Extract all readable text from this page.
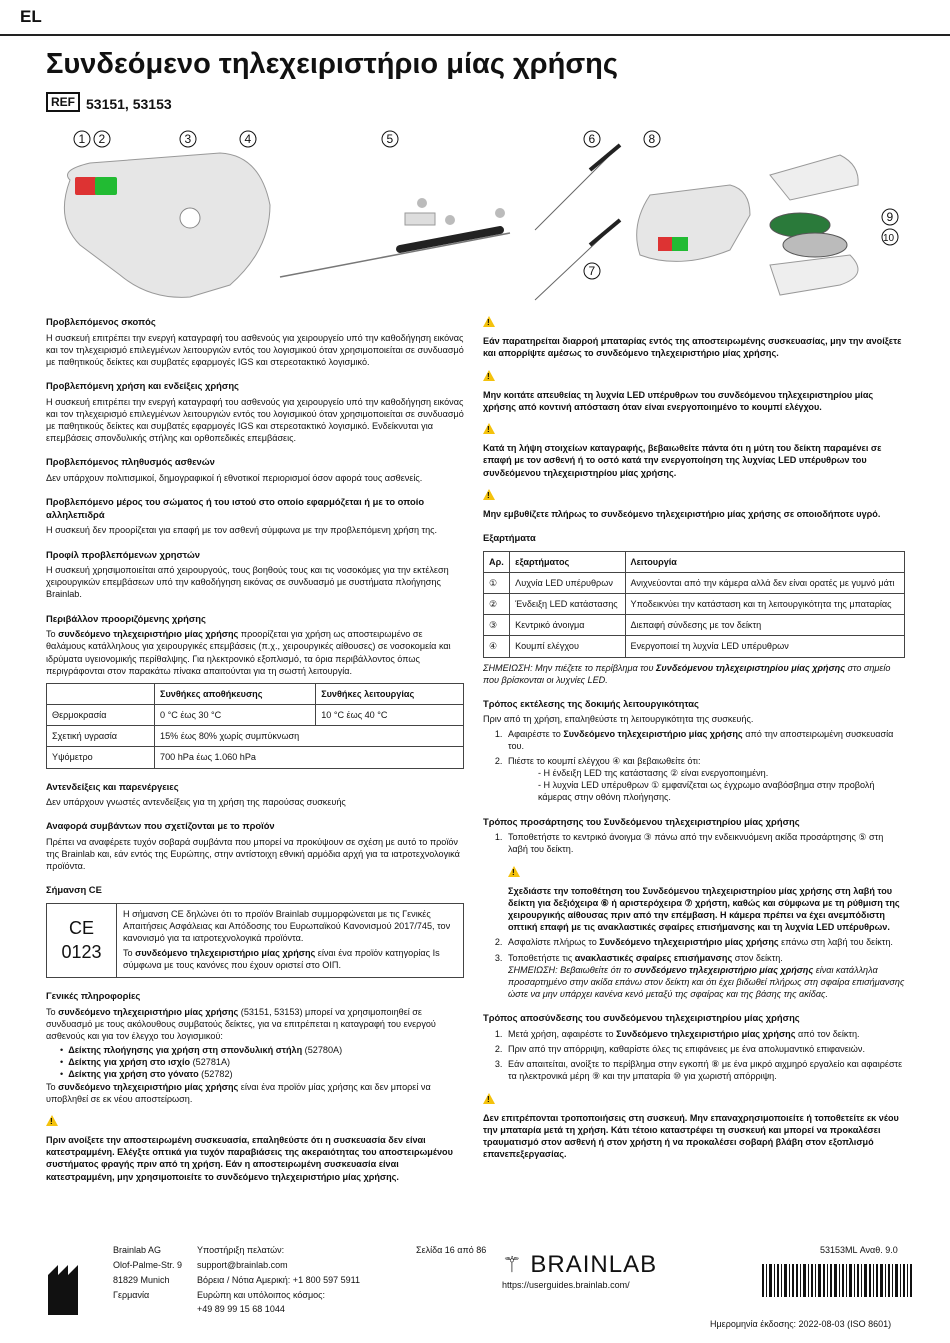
EL
Συνδεόμενο τηλεχειριστήριο μίας χρήσης
REF 53151, 53153
1 2	3	4	5	6
7
8
9
10
Προβλεπόμενος σκοπός

Η συσκευή επιτρέπει την ενεργή καταγραφή του ασθενούς για χειρουργείο υπό την καθοδήγηση εικόνας και τον τηλεχειρισμό επιλεγμένων λειτουργιών εντός του λογισμικού όταν χρησιμοποιείται σε συνδυασμό με παθητικούς δείκτες και συμβατές εφαρμογές IGS και στερεοτακτικό λογισμικό.

Προβλεπόμενη χρήση και ενδείξεις χρήσης

Η συσκευή επιτρέπει την ενεργή καταγραφή του ασθενούς για χειρουργείο υπό την καθοδήγηση εικόνας και τον τηλεχειρισμό επιλεγμένων λειτουργιών εντός του λογισμικού όταν χρησιμοποιείται σε συνδυασμό με παθητικούς δείκτες και συμβατές εφαρμογές IGS και στερεοτακτικό λογισμικό. Ενδείκνυται για επεμβάσεις σπονδυλικής στήλης και ορθοπεδικές επεμβάσεις.

Προβλεπόμενος πληθυσμός ασθενών

Δεν υπάρχουν πολιτισμικοί, δημογραφικοί ή εθνοτικοί περιορισμοί όσον αφορά τους ασθενείς.

Προβλεπόμενο μέρος του σώματος ή του ιστού στο οποίο εφαρμόζεται ή με το οποίο αλληλεπιδρά

Η συσκευή δεν προορίζεται για επαφή με τον ασθενή σύμφωνα με την προβλεπόμενη χρήση της.

Προφίλ προβλεπόμενων χρηστών

Η συσκευή χρησιμοποιείται από χειρουργούς, τους βοηθούς τους και τις νοσοκόμες για την εκτέλεση χειρουργικών επεμβάσεων υπό την καθοδήγηση εικόνας σε συνδυασμό με συστήματα πλοήγησης Brainlab.

Περιβάλλον προοριζόμενης χρήσης

Το συνδεόμενο τηλεχειριστήριο μίας χρήσης προορίζεται για χρήση ως αποστειρωμένο σε θαλάμους κατάλληλους για χειρουργικές επεμβάσεις (π.χ., χειρουργικές αίθουσες) σε νοσοκομεία και ιδρύματα υγειονομικής περίθαλψης. Για ηλεκτρονικό εξοπλισμό, τα όρια περιβάλλοντος όπως περιγράφονται στον παρακάτω πίνακα απαιτούνται για τη σωστή λειτουργία.

	Συνθήκες αποθήκευσης	Συνθήκες λειτουργίας
Θερμοκρασία	0 °C έως 30 °C	10 °C έως 40 °C
Σχετική υγρασία	15% έως 80% χωρίς συμπύκνωση	
Υψόμετρο	700 hPa έως 1.060 hPa	
Αντενδείξεις και παρενέργειες

Δεν υπάρχουν γνωστές αντενδείξεις για τη χρήση της παρούσας συσκευής

Αναφορά συμβάντων που σχετίζονται με το προϊόν

Πρέπει να αναφέρετε τυχόν σοβαρά συμβάντα που μπορεί να προκύψουν σε σχέση με αυτό το προϊόν της Brainlab και, εάν εντός της Ευρώπης, στην αντίστοιχη εθνική αρμόδια αρχή για τα ιατροτεχνολογικά προϊόντα.

Σήμανση CE
CE 0123	

Η σήμανση CE δηλώνει ότι το προϊόν Brainlab συμμορφώνεται με τις Γενικές Απαιτήσεις Ασφάλειας και Απόδοσης του Ευρωπαϊκού Κανονισμού 2017/745, τον κανονισμό για τα ιατροτεχνολογικά προϊόντα.

Το συνδεόμενο τηλεχειριστήριο μίας χρήσης είναι ένα προϊόν κατηγορίας Is σύμφωνα με τους κανόνες που έχουν οριστεί στο ΟΙΠ.

Γενικές πληροφορίες

Το συνδεόμενο τηλεχειριστήριο μίας χρήσης (53151, 53153) μπορεί να χρησιμοποιηθεί σε συνδυασμό με τους ακόλουθους συμβατούς δείκτες, για να επιτρέπεται η καταγραφή του ενεργού ασθενούς και για τον έλεγχο του λογισμικού:

• Δείκτης πλοήγησης για χρήση στη σπονδυλική στήλη (52780A)
• Δείκτης για χρήση στο ισχίο (52781A)
• Δείκτης για χρήση στο γόνατο (52782)

Το συνδεόμενο τηλεχειριστήριο μίας χρήσης είναι ένα προϊόν μίας χρήσης και δεν μπορεί να υποβληθεί σε εκ νέου αποστείρωση.

!
Πριν ανοίξετε την αποστειρωμένη συσκευασία, επαληθεύστε ότι η συσκευασία δεν είναι κατεστραμμένη. Ελέγξτε οπτικά για τυχόν παραβιάσεις της ακεραιότητας του αποστειρωμένου συστήματος φραγής πριν από τη χρήση. Εάν η αποστειρωμένη συσκευασία είναι κατεστραμμένη, μην χρησιμοποιείτε το συνδεόμενο τηλεχειριστήριο μίας χρήσης.
!
Εάν παρατηρείται διαρροή μπαταρίας εντός της αποστειρωμένης συσκευασίας, μην την ανοίξετε και απορρίψτε αμέσως το συνδεόμενο τηλεχειριστήριο μίας χρήσης.
!
Μην κοιτάτε απευθείας τη λυχνία LED υπέρυθρων του συνδεόμενου τηλεχειριστηρίου μίας χρήσης από κοντινή απόσταση όταν είναι ενεργοποιημένο το κουμπί ελέγχου.
!
Κατά τη λήψη στοιχείων καταγραφής, βεβαιωθείτε πάντα ότι η μύτη του δείκτη παραμένει σε επαφή με τον ασθενή ή το οστό κατά την ενεργοποίηση της λυχνίας LED υπέρυθρων του συνδεόμενου τηλεχειριστηρίου μίας χρήσης.
!
Μην εμβυθίζετε πλήρως το συνδεόμενο τηλεχειριστήριο μίας χρήσης σε οποιοδήποτε υγρό.
Εξαρτήματα
Αρ.	εξαρτήματος	Λειτουργία
①	Λυχνία LED υπέρυθρων	Ανιχνεύονται από την κάμερα αλλά δεν είναι ορατές με γυμνό μάτι
②	Ένδειξη LED κατάστασης	Υποδεικνύει την κατάσταση και τη λειτουργικότητα της μπαταρίας
③	Κεντρικό άνοιγμα	Διεπαφή σύνδεσης με τον δείκτη
④	Κουμπί ελέγχου	Ενεργοποιεί τη λυχνία LED υπέρυθρων

ΣΗΜΕΙΩΣΗ: Μην πιέζετε το περίβλημα του Συνδεόμενου τηλεχειριστηρίου μίας χρήσης στο σημείο που βρίσκονται οι λυχνίες LED.

Τρόπος εκτέλεσης της δοκιμής λειτουργικότητας

Πριν από τη χρήση, επαληθεύστε τη λειτουργικότητα της συσκευής.

1. Αφαιρέστε το Συνδεόμενο τηλεχειριστήριο μίας χρήσης από την αποστειρωμένη συσκευασία του.
2. Πιέστε το κουμπί ελέγχου ④ και βεβαιωθείτε ότι:
- Η ένδειξη LED της κατάστασης ② είναι ενεργοποιημένη.
- Η λυχνία LED υπέρυθρων ① εμφανίζεται ως έγχρωμο αναβόσβημα στην προβολή κάμερας στην οθόνη πλοήγησης.
Τρόπος προσάρτησης του Συνδεόμενου τηλεχειριστηρίου μίας χρήσης
1. Τοποθετήστε το κεντρικό άνοιγμα ③ πάνω από την ενδεικνυόμενη ακίδα προσάρτησης ⑤ στη λαβή του δείκτη.
!
Σχεδιάστε την τοποθέτηση του Συνδεόμενου τηλεχειριστηρίου μίας χρήσης στη λαβή του δείκτη για δεξιόχειρα ⑥ ή αριστερόχειρα ⑦ χρήστη, καθώς και σύμφωνα με τη ρύθμιση της χειρουργικής αίθουσας πριν από την επέμβαση. Η κάμερα πρέπει να έχει ανεμπόδιστη οπτική επαφή με τις ανακλαστικές σφαίρες επισήμανσης και τη λυχνία LED υπέρυθρων.
2. Ασφαλίστε πλήρως το Συνδεόμενο τηλεχειριστήριο μίας χρήσης επάνω στη λαβή του δείκτη.
3. Τοποθετήστε τις ανακλαστικές σφαίρες επισήμανσης στον δείκτη.
ΣΗΜΕΙΩΣΗ: Βεβαιωθείτε ότι το συνδεόμενο τηλεχειριστήριο μίας χρήσης είναι κατάλληλα προσαρτημένο στην ακίδα επάνω στον δείκτη και ότι έχει βιδωθεί πλήρως στη σφαίρα επισήμανσης ώστε να μην υπάρχει κανένα κενό μεταξύ της σφαίρας και της βάσης της ακίδας.
Τρόπος αποσύνδεσης του συνδεόμενου τηλεχειριστηρίου μίας χρήσης
1. Μετά χρήση, αφαιρέστε το Συνδεόμενο τηλεχειριστήριο μίας χρήσης από τον δείκτη.
2. Πριν από την απόρριψη, καθαρίστε όλες τις επιφάνειες με ένα απολυμαντικό επιφανειών.
3. Εάν απαιτείται, ανοίξτε το περίβλημα στην εγκοπή ⑧ με ένα μικρό αιχμηρό εργαλείο και αφαιρέστε τα ηλεκτρονικά μέρη ⑨ και την μπαταρία ⑩ για χωριστή απόρριψη.
!
Δεν επιτρέπονται τροποποιήσεις στη συσκευή. Μην επαναχρησιμοποιείτε ή τοποθετείτε εκ νέου την μπαταρία μετά τη χρήση. Κάτι τέτοιο καταστρέφει τη συσκευή και μπορεί να προκαλέσει τραυματισμό στον ασθενή ή στον χρήστη ή να προκαλέσει σοβαρή βλάβη στον εξοπλισμό επανεπεξεργασίας.
Brainlab AG
Olof-Palme-Str. 9
81829 Munich
Γερμανία
Υποστήριξη πελατών:
support@brainlab.com
Βόρεια / Νότια Αμερική: +1 800 597 5911
Ευρώπη και υπόλοιπος κόσμος:
+49 89 99 15 68 1044
Σελίδα 16 από 86
⚚ BRAINLAB
https://userguides.brainlab.com/
53153ML Αναθ. 9.0
Ημερομηνία έκδοσης: 2022-08-03 (ISO 8601)
